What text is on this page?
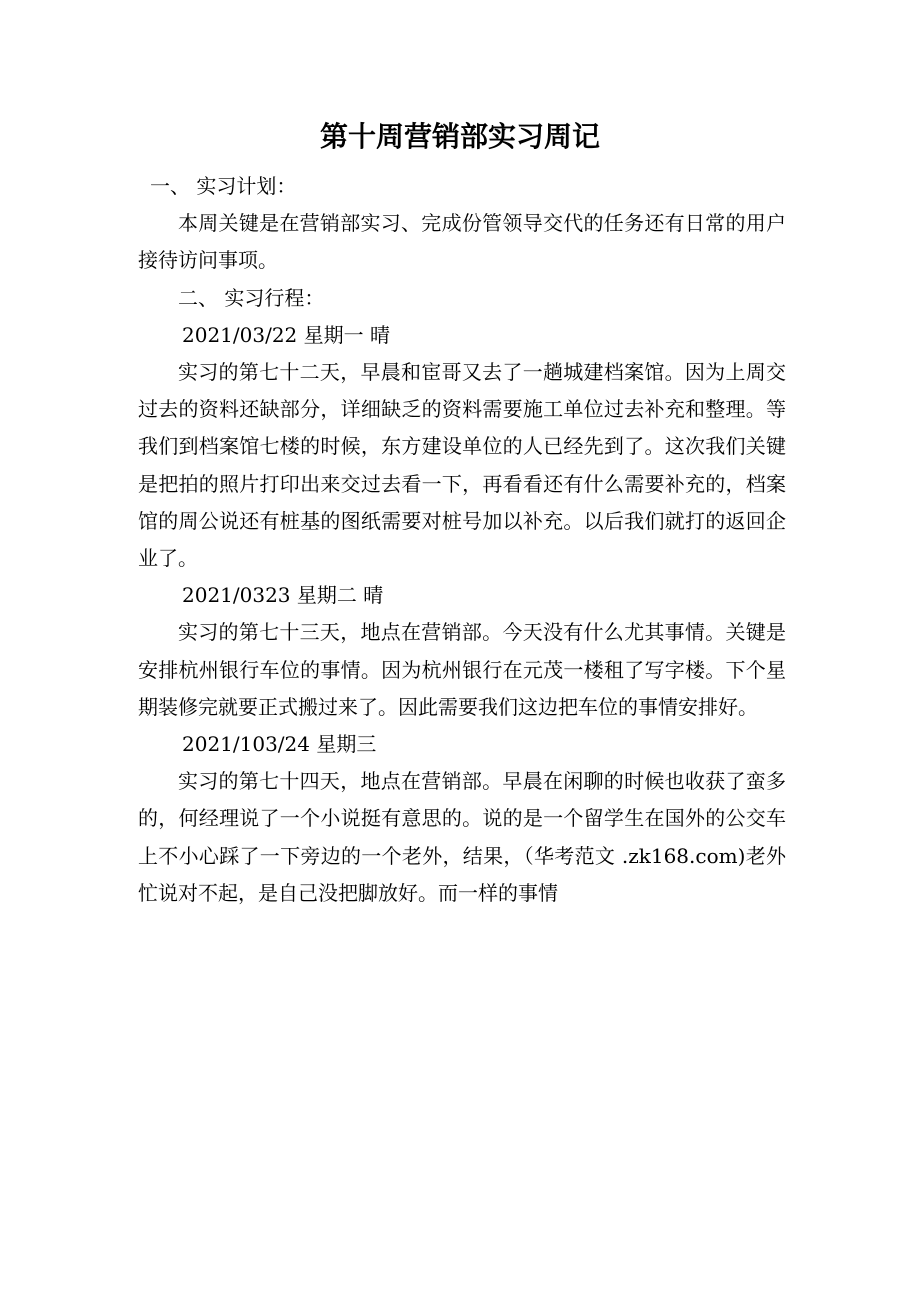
第十周营销部实习周记

一、 实习计划：

本周关键是在营销部实习、完成份管领导交代的任务还有日常的用户接待访问事项。

二、 实习行程：

2021/03/22 星期一 晴

实习的第七十二天，早晨和宦哥又去了一趟城建档案馆。因为上周交过去的资料还缺部分，详细缺乏的资料需要施工单位过去补充和整理。等我们到档案馆七楼的时候，东方建设单位的人已经先到了。这次我们关键是把拍的照片打印出来交过去看一下，再看看还有什么需要补充的，档案馆的周公说还有桩基的图纸需要对桩号加以补充。以后我们就打的返回企业了。

2021/0323 星期二 晴

实习的第七十三天，地点在营销部。今天没有什么尤其事情。关键是安排杭州银行车位的事情。因为杭州银行在元茂一楼租了写字楼。下个星期装修完就要正式搬过来了。因此需要我们这边把车位的事情安排好。

2021/103/24 星期三

实习的第七十四天，地点在营销部。早晨在闲聊的时候也收获了蛮多的，何经理说了一个小说挺有意思的。说的是一个留学生在国外的公交车上不小心踩了一下旁边的一个老外，结果，（华考范文 .zk168.com)老外忙说对不起，是自己没把脚放好。而一样的事情
